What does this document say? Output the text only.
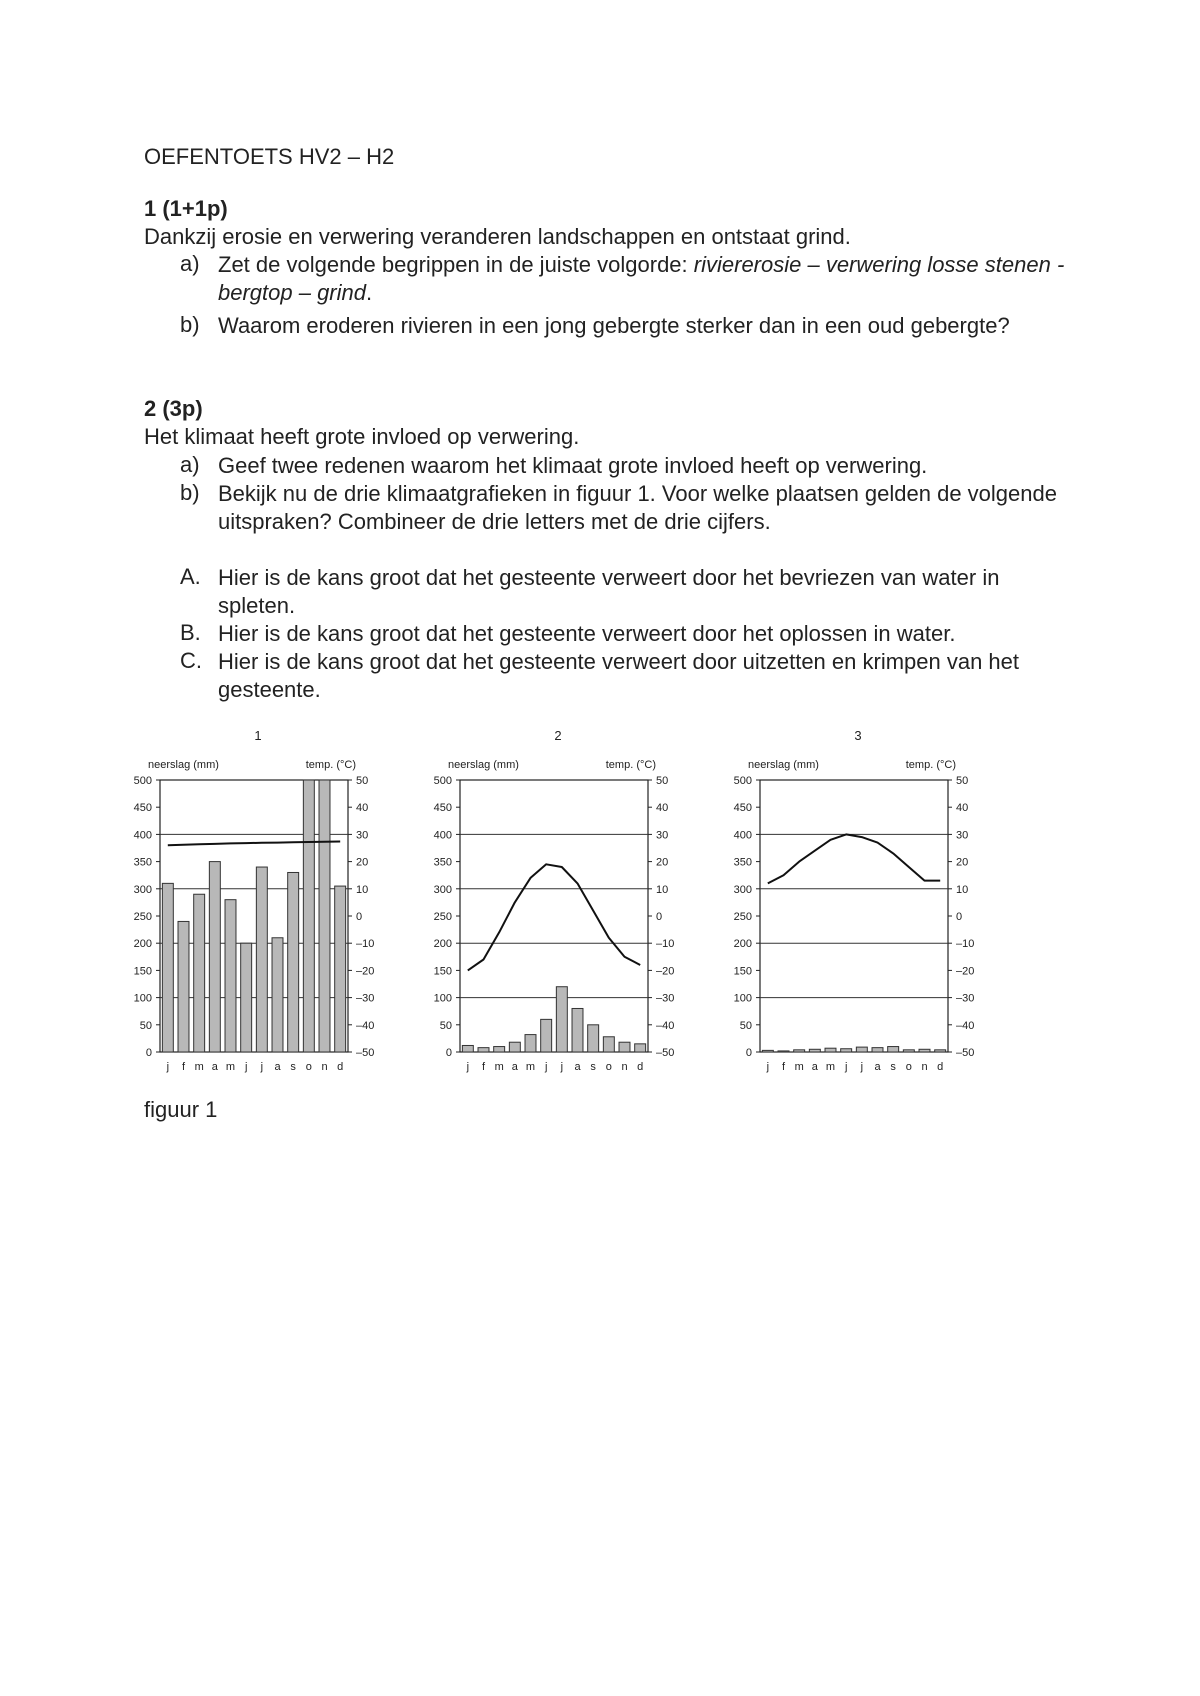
OEFENTOETS HV2 – H2
1 (1+1p)
Dankzij erosie en verwering veranderen landschappen en ontstaat grind.
a) Zet de volgende begrippen in de juiste volgorde: riviererosie – verwering losse stenen - bergtop – grind.
b) Waarom eroderen rivieren in een jong gebergte sterker dan in een oud gebergte?
2 (3p)
Het klimaat heeft grote invloed op verwering.
a) Geef twee redenen waarom het klimaat grote invloed heeft op verwering.
b) Bekijk nu de drie klimaatgrafieken in figuur 1. Voor welke plaatsen gelden de volgende uitspraken? Combineer de drie letters met de drie cijfers.
A. Hier is de kans groot dat het gesteente verweert door het bevriezen van water in spleten.
B. Hier is de kans groot dat het gesteente verweert door het oplossen in water.
C. Hier is de kans groot dat het gesteente verweert door uitzetten en krimpen van het gesteente.
1
neerslag (mm)	temp. (°C)
0
50
100
150
200
250
300
350
400
450
500
–50
–40
–30
–20
–10
0
10
20
30
40
50
j f m a m j j a s o n d
2
neerslag (mm)	temp. (°C)
0
50
100
150
200
250
300
350
400
450
500
–50
–40
–30
–20
–10
0
10
20
30
40
50
j f m a m j j a s o n d
3
neerslag (mm)	temp. (°C)
0
50
100
150
200
250
300
350
400
450
500
–50
–40
–30
–20
–10
0
10
20
30
40
50
j f m a m j j a s o n d
figuur 1
